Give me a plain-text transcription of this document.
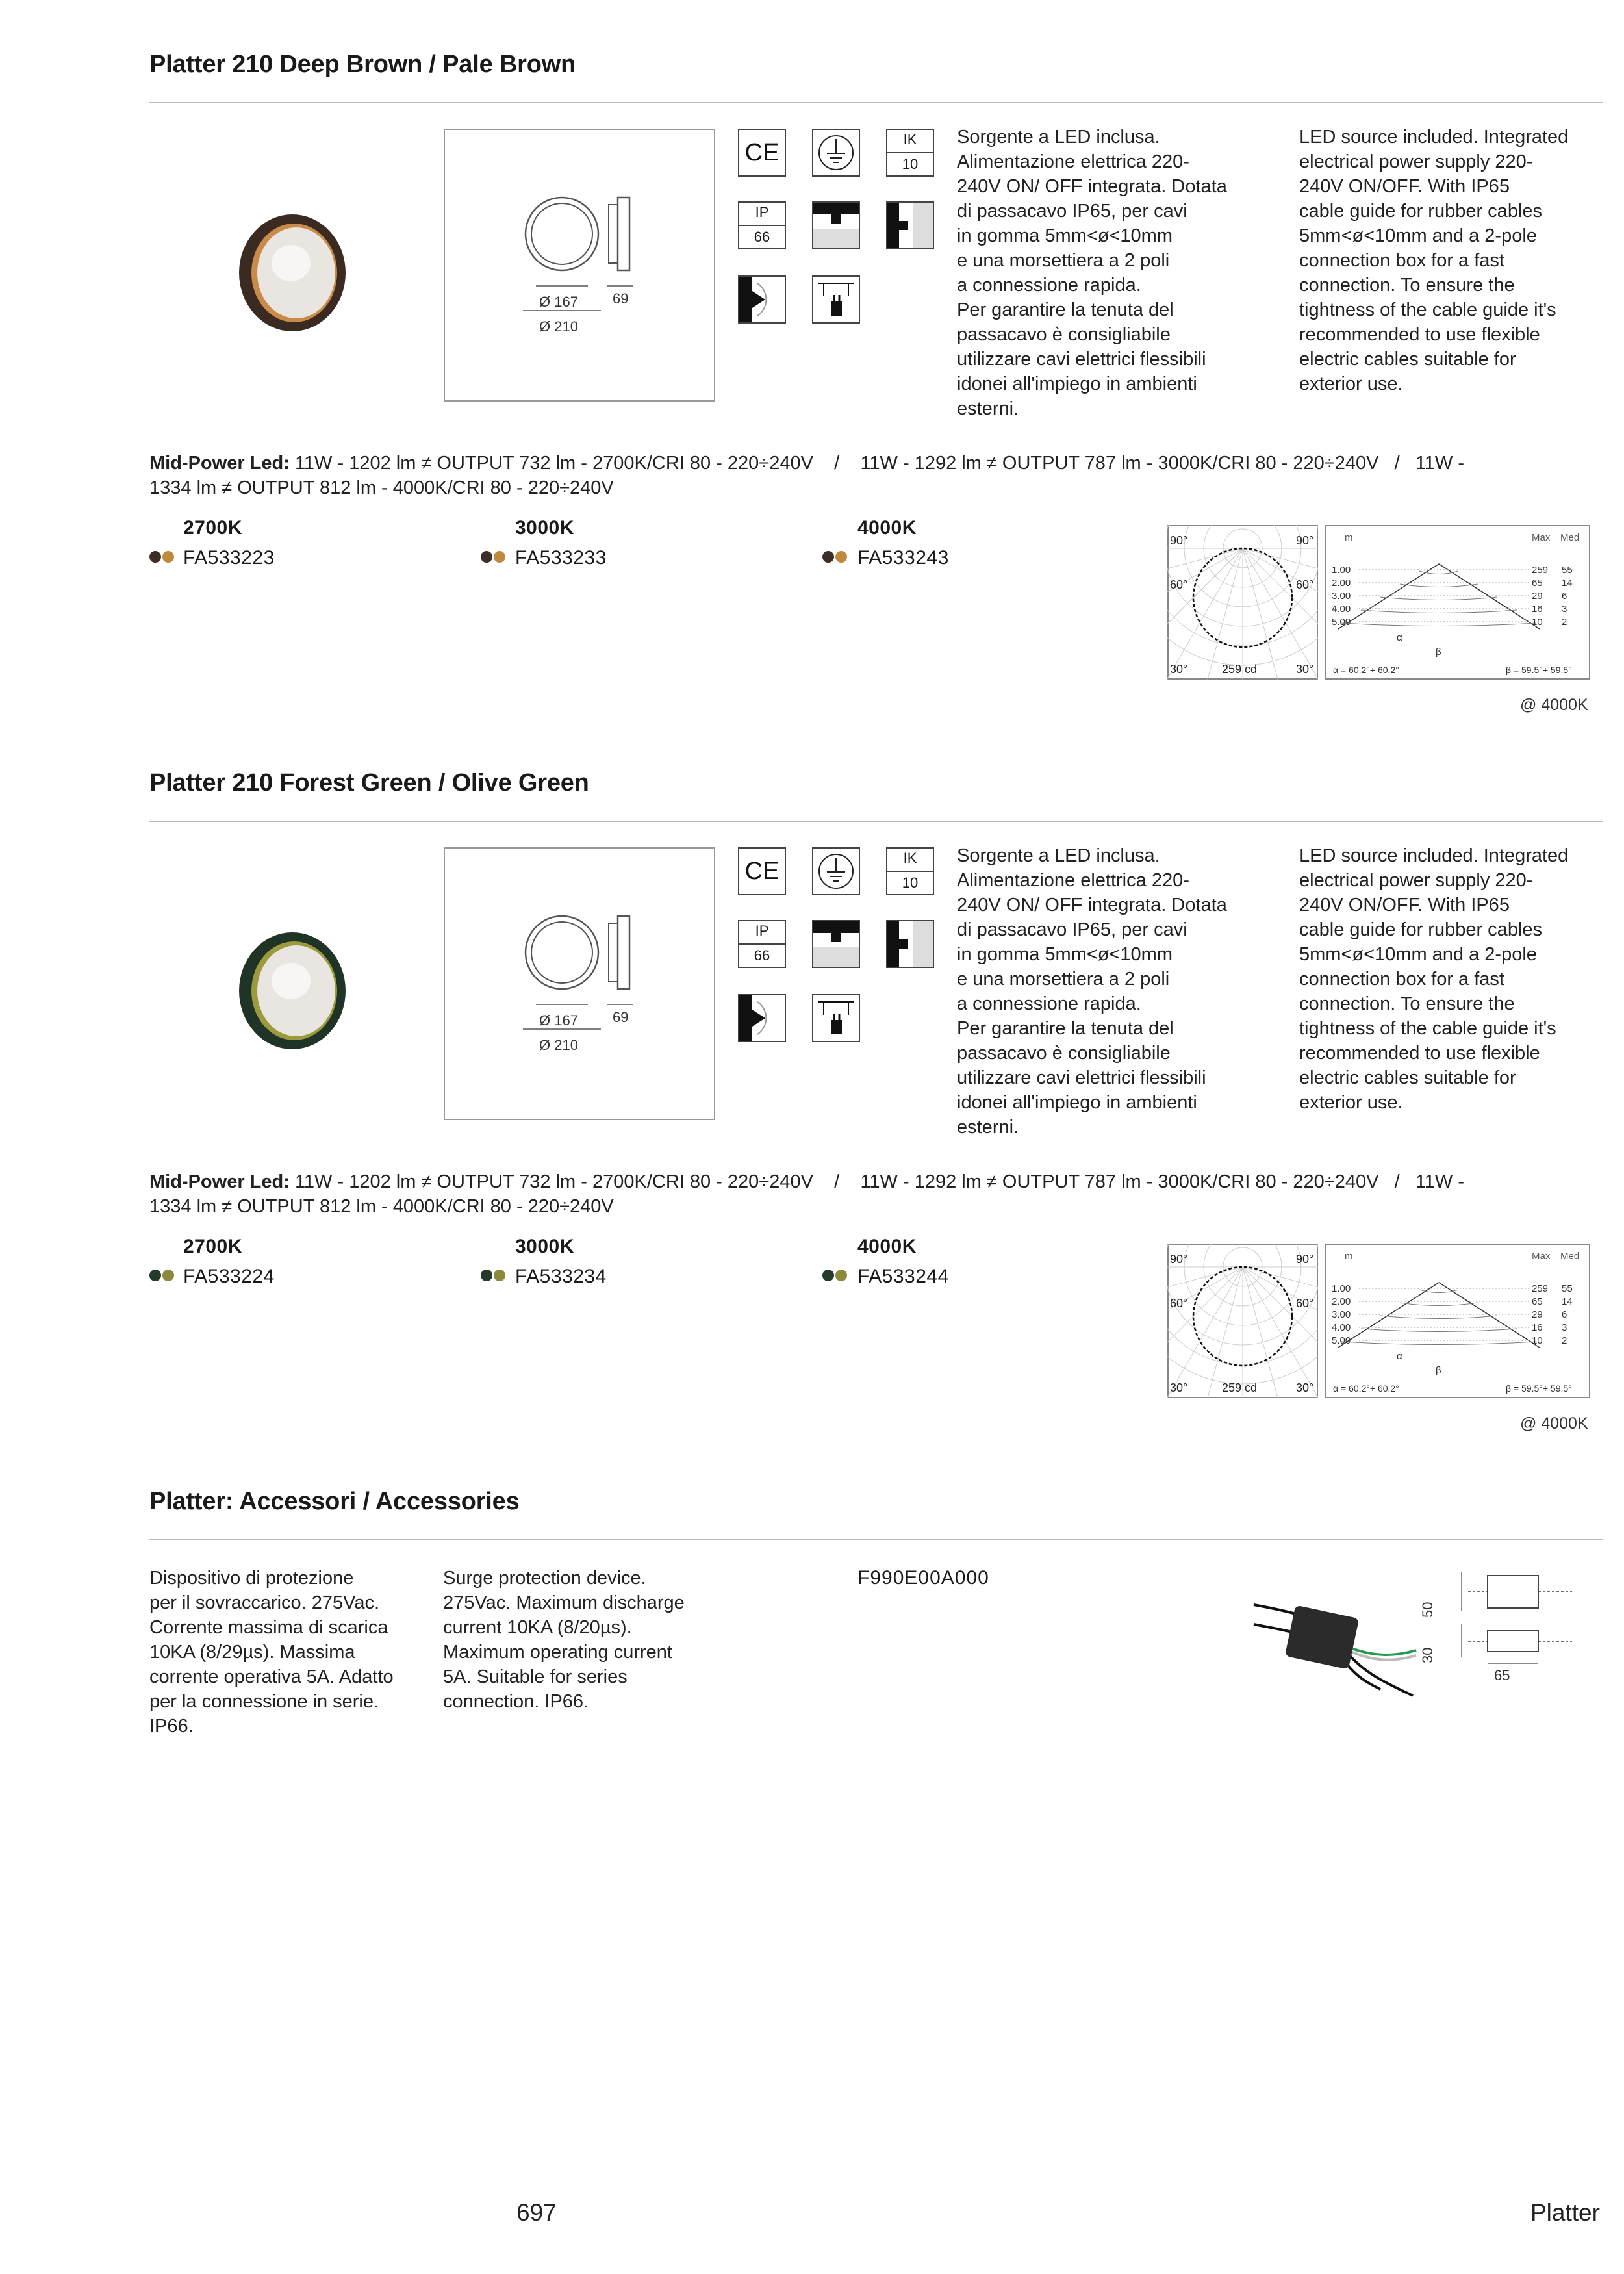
Platter 210 Deep Brown / Pale Brown
Ø 167
Ø 210
69
CE	IK
10
IP
66
Sorgente a LED inclusa.
Alimentazione elettrica 220-
240V ON/ OFF integrata. Dotata
di passacavo IP65, per cavi
in gomma 5mm<ø<10mm
e una morsettiera a 2 poli
a connessione rapida.
Per garantire la tenuta del
passacavo è consigliabile
utilizzare cavi elettrici flessibili
idonei all'impiego in ambienti
esterni.
LED source included. Integrated
electrical power supply 220-
240V ON/OFF. With IP65
cable guide for rubber cables
5mm<ø<10mm and a 2-pole
connection box for a fast
connection. To ensure the
tightness of the cable guide it's
recommended to use flexible
electric cables suitable for
exterior use.
Mid-Power Led: 11W - 1202 lm ≠ OUTPUT 732 lm - 2700K/CRI 80 - 220÷240V    /    11W - 1292 lm ≠ OUTPUT 787 lm - 3000K/CRI 80 - 220÷240V   /   11W -
1334 lm ≠ OUTPUT 812 lm - 4000K/CRI 80 - 220÷240V
2700K	3000K	4000K
FA533223	FA533233	FA533243
90°	90°
60°	60°
30°	30°
259 cd
m	Max Med
1.00	259 55
2.00	65 14
3.00	29 6
4.00	16 3
5.00	10 2
α
β
α = 60.2°+ 60.2°	β = 59.5°+ 59.5°
@ 4000K
Platter 210 Forest Green / Olive Green
Ø 167
Ø 210
69
CE	IK
10
IP
66
Sorgente a LED inclusa.
Alimentazione elettrica 220-
240V ON/ OFF integrata. Dotata
di passacavo IP65, per cavi
in gomma 5mm<ø<10mm
e una morsettiera a 2 poli
a connessione rapida.
Per garantire la tenuta del
passacavo è consigliabile
utilizzare cavi elettrici flessibili
idonei all'impiego in ambienti
esterni.
LED source included. Integrated
electrical power supply 220-
240V ON/OFF. With IP65
cable guide for rubber cables
5mm<ø<10mm and a 2-pole
connection box for a fast
connection. To ensure the
tightness of the cable guide it's
recommended to use flexible
electric cables suitable for
exterior use.
Mid-Power Led: 11W - 1202 lm ≠ OUTPUT 732 lm - 2700K/CRI 80 - 220÷240V    /    11W - 1292 lm ≠ OUTPUT 787 lm - 3000K/CRI 80 - 220÷240V   /   11W -
1334 lm ≠ OUTPUT 812 lm - 4000K/CRI 80 - 220÷240V
2700K	3000K	4000K
FA533224	FA533234	FA533244
90°	90°
60°	60°
30°	30°
259 cd
m	Max Med
1.00	259 55
2.00	65 14
3.00	29 6
4.00	16 3
5.00	10 2
α
β
α = 60.2°+ 60.2°	β = 59.5°+ 59.5°
@ 4000K
Platter: Accessori / Accessories
Dispositivo di protezione
per il sovraccarico. 275Vac.
Corrente massima di scarica
10KA (8/29µs). Massima
corrente operativa 5A. Adatto
per la connessione in serie.
IP66.
Surge protection device.
275Vac. Maximum discharge
current 10KA (8/20µs).
Maximum operating current
5A. Suitable for series
connection. IP66.
F990E00A000
50
30
65
697	Platter
